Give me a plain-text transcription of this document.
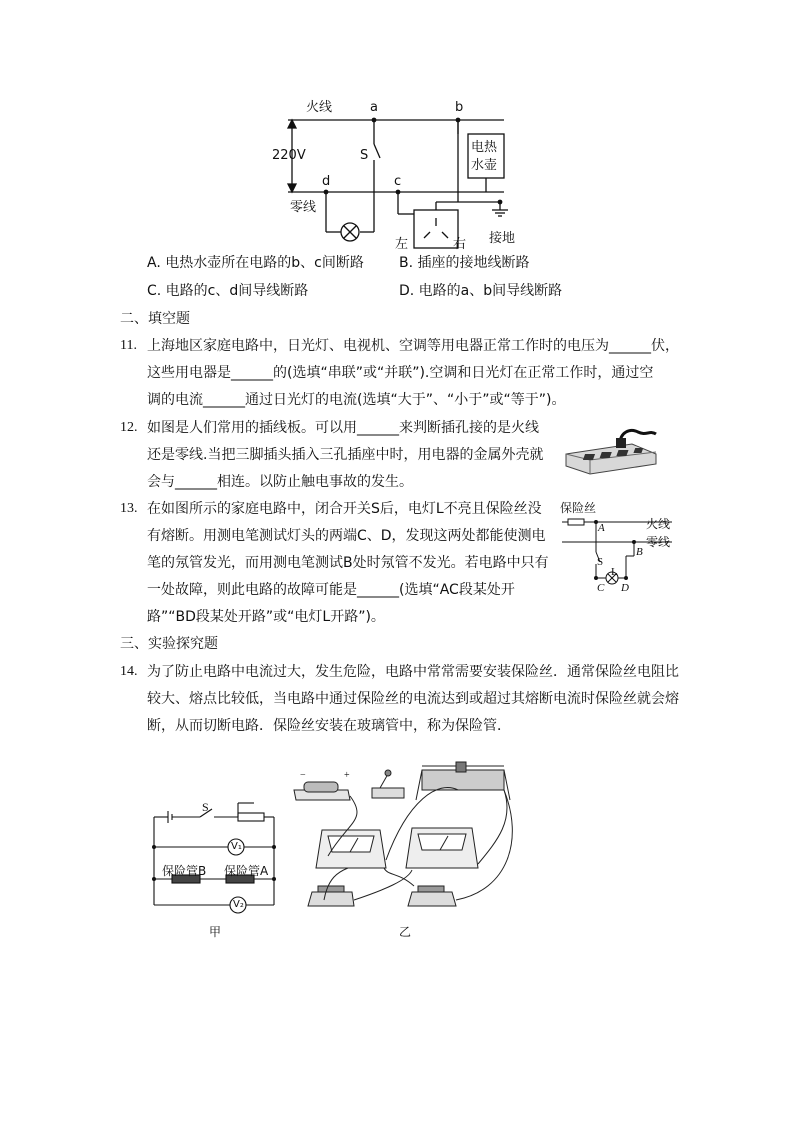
火线	a	b
220V	S
电热
水壶
d	c
零线
左	右 接地
A. 电热水壶所在电路的b、c间断路	B. 插座的接地线断路
C. 电路的c、d间导线断路	D. 电路的a、b间导线断路
二、填空题
11. 上海地区家庭电路中，日光灯、电视机、空调等用电器正常工作时的电压为______伏，
这些用电器是______的(选填“串联”或“并联”).空调和日光灯在正常工作时，通过空
调的电流______通过日光灯的电流(选填“大于”、“小于”或“等于”)。
12. 如图是人们常用的插线板。可以用______来判断插孔接的是火线
还是零线.当把三脚插头插入三孔插座中时，用电器的金属外壳就
会与______相连。以防止触电事故的发生。
13. 在如图所示的家庭电路中，闭合开关S后，电灯L不亮且保险丝没
有熔断。用测电笔测试灯头的两端C、D，发现这两处都能使测电
笔的氖管发光，而用测电笔测试B处时氖管不发光。若电路中只有
一处故障，则此电路的故障可能是______(选填“AC段某处开
路”“BD段某处开路”或“电灯L开路”)。
保险丝
火线
零线
A
B
S
L
C D
三、实验探究题
14. 为了防止电路中电流过大，发生危险，电路中常常需要安装保险丝．通常保险丝电阻比
较大、熔点比较低，当电路中通过保险丝的电流达到或超过其熔断电流时保险丝就会熔
断，从而切断电路．保险丝安装在玻璃管中，称为保险管．
S
V₁
保险管B 保险管A
V₂
甲
−	+
乙
